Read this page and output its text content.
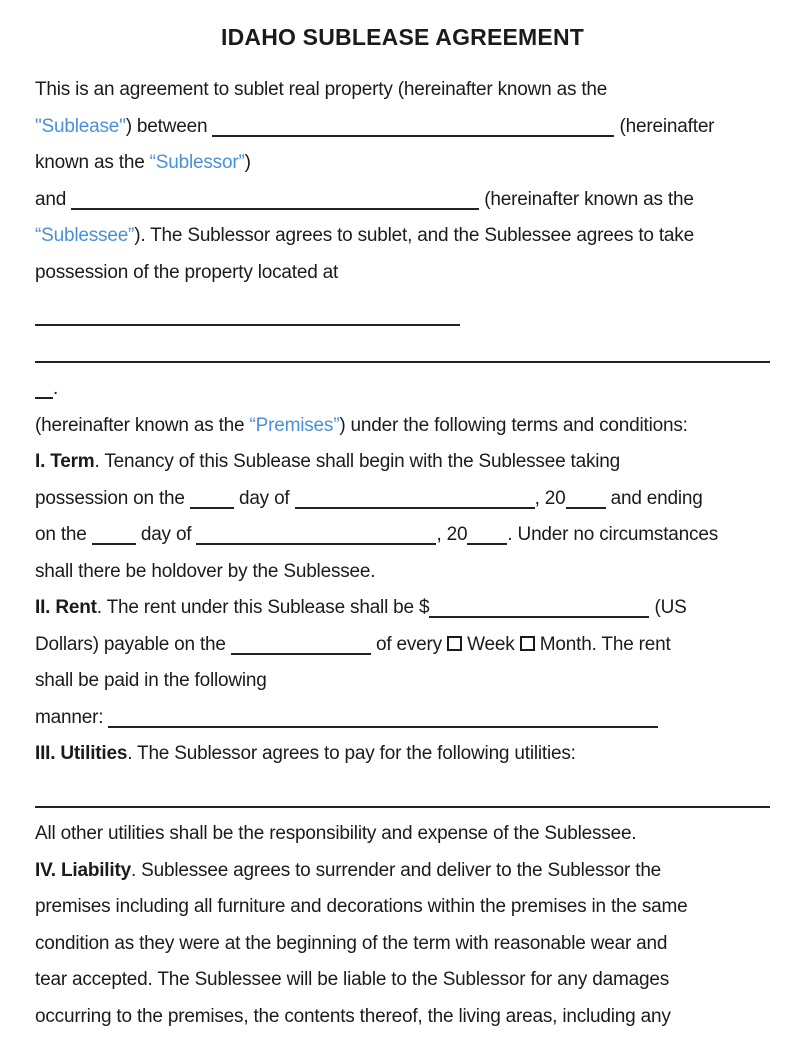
IDAHO SUBLEASE AGREEMENT

This is an agreement to sublet real property (hereinafter known as the

"Sublease") between	(hereinafter

known as the “Sublessor”)

and	(hereinafter known as the

“Sublessee”). The Sublessor agrees to sublet, and the Sublessee agrees to take

possession of the property located at

.

(hereinafter known as the “Premises”) under the following terms and conditions:

I. Term. Tenancy of this Sublease shall begin with the Sublessee taking

possession on the	day of	, 20 and ending

on the	day of	, 20 . Under no circumstances

shall there be holdover by the Sublessee.

II. Rent. The rent under this Sublease shall be $	(US

Dollars) payable on the	of every Week Month. The rent

shall be paid in the following

manner:

III. Utilities. The Sublessor agrees to pay for the following utilities:

All other utilities shall be the responsibility and expense of the Sublessee.

IV. Liability. Sublessee agrees to surrender and deliver to the Sublessor the

premises including all furniture and decorations within the premises in the same

condition as they were at the beginning of the term with reasonable wear and

tear accepted. The Sublessee will be liable to the Sublessor for any damages

occurring to the premises, the contents thereof, the living areas, including any
